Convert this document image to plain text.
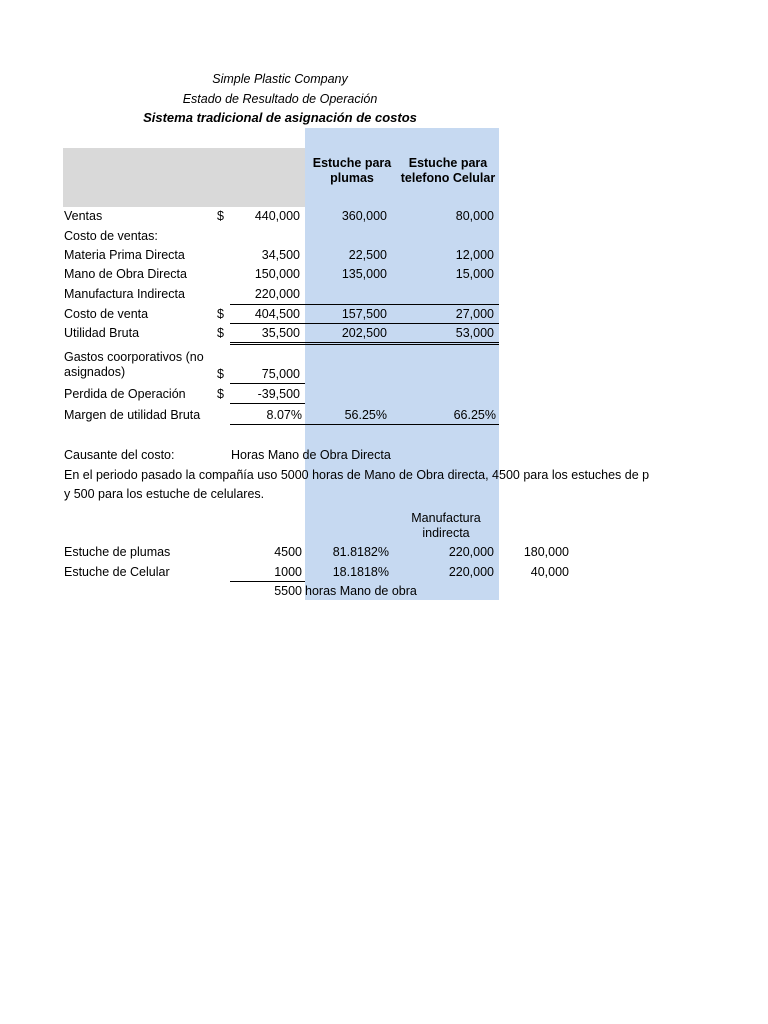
Simple Plastic Company
Estado de Resultado de Operación
Sistema tradicional de asignación de costos
Estuche para
plumas
Estuche para
telefono Celular
Ventas	$	440,000	360,000	80,000
Costo de ventas:
Materia Prima Directa	34,500	22,500	12,000
Mano de Obra Directa	150,000	135,000	15,000
Manufactura Indirecta	220,000
Costo de venta	$	404,500	157,500	27,000
Utilidad Bruta	$	35,500	202,500	53,000
Gastos coorporativos (no
asignados)	$	75,000
Perdida de Operación	$	-39,500
Margen de utilidad Bruta	8.07%	56.25%	66.25%
Causante del costo:	Horas Mano de Obra Directa
En el periodo pasado la compañía uso 5000 horas de Mano de Obra directa, 4500 para los estuches de p
y 500 para los estuche de celulares.
Manufactura
indirecta
Estuche de plumas	4500	81.8182%	220,000	180,000
Estuche de Celular	1000	18.1818%	220,000	40,000
5500 horas Mano de obra
